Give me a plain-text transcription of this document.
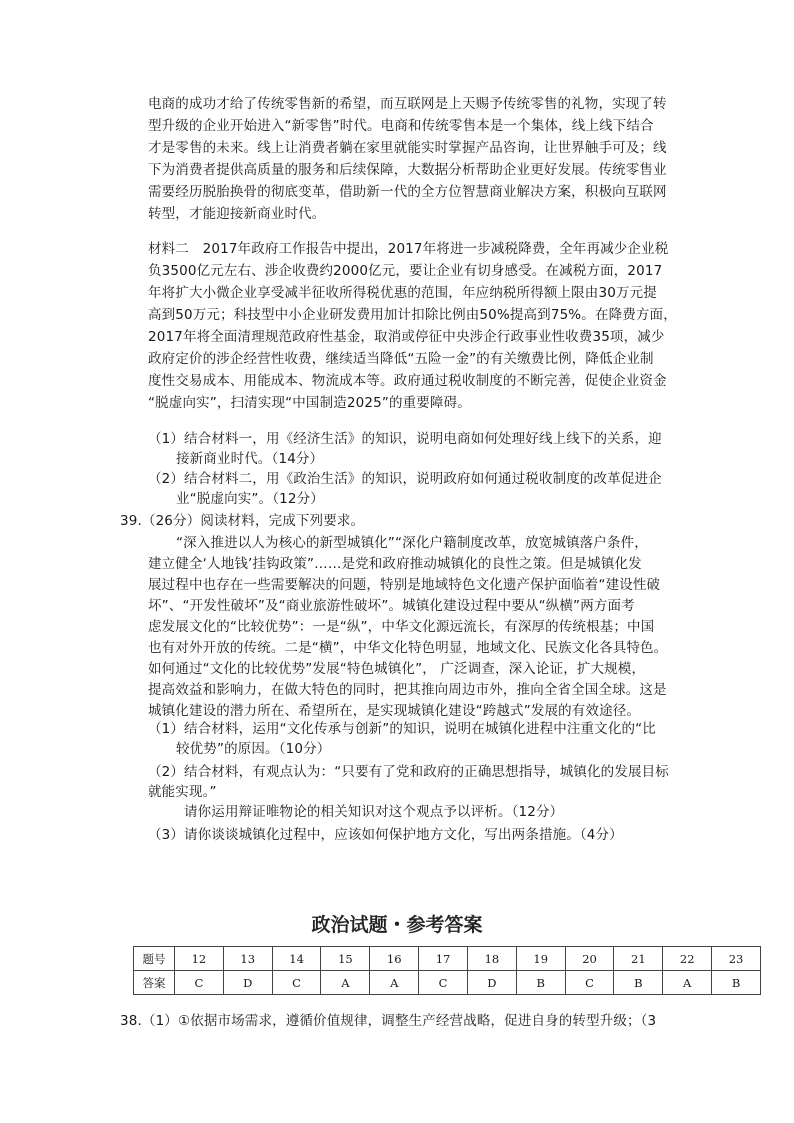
电商的成功才给了传统零售新的希望，而互联网是上天赐予传统零售的礼物，实现了转
型升级的企业开始进入“新零售”时代。电商和传统零售本是一个集体，线上线下结合
才是零售的未来。线上让消费者躺在家里就能实时掌握产品咨询，让世界触手可及；线
下为消费者提供高质量的服务和后续保障，大数据分析帮助企业更好发展。传统零售业
需要经历脱胎换骨的彻底变革，借助新一代的全方位智慧商业解决方案，积极向互联网
转型，才能迎接新商业时代。
材料二　2017年政府工作报告中提出，2017年将进一步减税降费，全年再减少企业税
负3500亿元左右、涉企收费约2000亿元，要让企业有切身感受。在减税方面，2017
年将扩大小微企业享受减半征收所得税优惠的范围，年应纳税所得额上限由30万元提
高到50万元；科技型中小企业研发费用加计扣除比例由50%提高到75%。在降费方面，
2017年将全面清理规范政府性基金，取消或停征中央涉企行政事业性收费35项，减少
政府定价的涉企经营性收费，继续适当降低“五险一金”的有关缴费比例，降低企业制
度性交易成本、用能成本、物流成本等。政府通过税收制度的不断完善，促使企业资金
“脱虚向实”，扫清实现“中国制造2025”的重要障碍。
（1）结合材料一，用《经济生活》的知识，说明电商如何处理好线上线下的关系，迎
接新商业时代。（14分）
（2）结合材料二，用《政治生活》的知识，说明政府如何通过税收制度的改革促进企
业“脱虚向实”。（12分）
39.（26分）阅读材料，完成下列要求。
“深入推进以人为核心的新型城镇化”“深化户籍制度改革，放宽城镇落户条件，
建立健全‘人地钱’挂钩政策”……是党和政府推动城镇化的良性之策。但是城镇化发
展过程中也存在一些需要解决的问题，特别是地域特色文化遗产保护面临着“建设性破
坏”、“开发性破坏”及“商业旅游性破坏”。城镇化建设过程中要从“纵横”两方面考
虑发展文化的“比较优势”：一是“纵”，中华文化源远流长，有深厚的传统根基；中国
也有对外开放的传统。二是“横”，中华文化特色明显，地域文化、民族文化各具特色。
如何通过“文化的比较优势”发展“特色城镇化”， 广泛调查，深入论证，扩大规模，
提高效益和影响力，在做大特色的同时，把其推向周边市外，推向全省全国全球。这是
城镇化建设的潜力所在、希望所在，是实现城镇化建设“跨越式”发展的有效途径。
（1）结合材料，运用“文化传承与创新”的知识，说明在城镇化进程中注重文化的“比
较优势”的原因。（10分）
（2）结合材料，有观点认为：“只要有了党和政府的正确思想指导，城镇化的发展目标
就能实现。”
请你运用辩证唯物论的相关知识对这个观点予以评析。（12分）
（3）请你谈谈城镇化过程中，应该如何保护地方文化，写出两条措施。（4分）
政治试题・参考答案
题号	12	13	14	15	16	17	18	19	20	21	22	23
答案	C	D	C	A	A	C	D	B	C	B	A	B
38.（1）①依据市场需求，遵循价值规律，调整生产经营战略，促进自身的转型升级；（3
